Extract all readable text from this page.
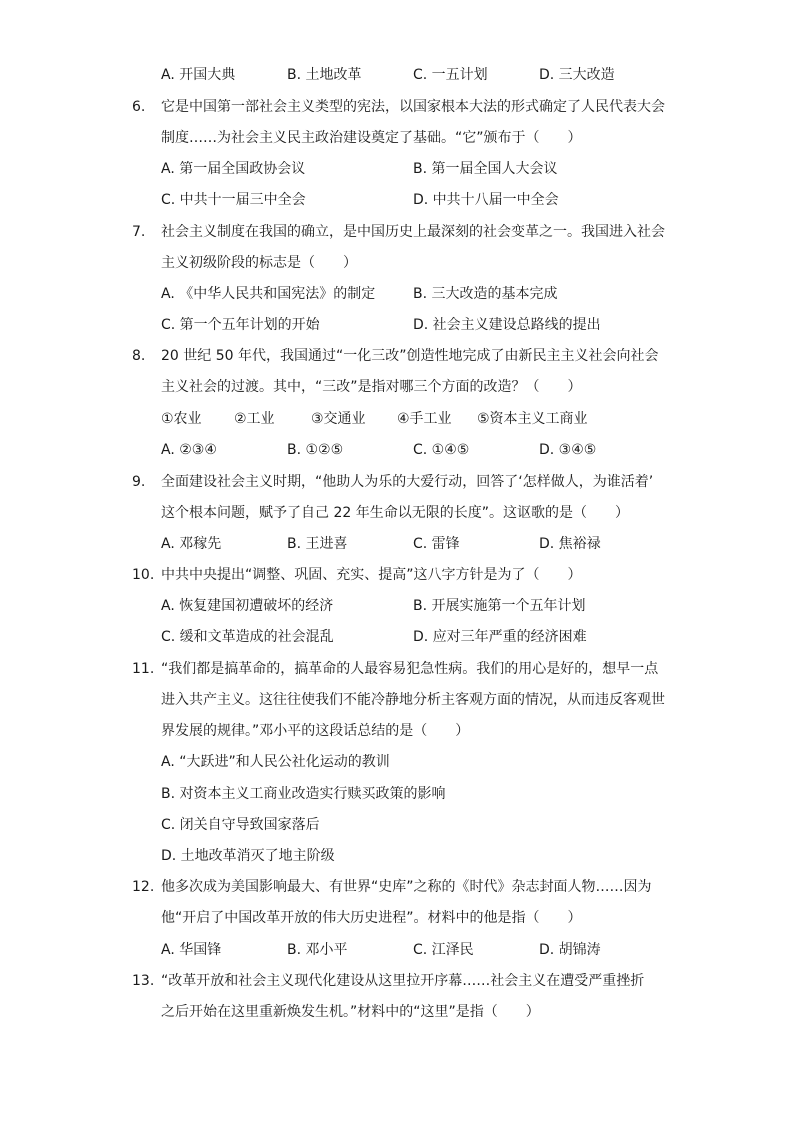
A. 开国大典	B. 土地改革	C. 一五计划	D. 三大改造
6. 它是中国第一部社会主义类型的宪法，以国家根本大法的形式确定了人民代表大会
制度……为社会主义民主政治建设奠定了基础。“它”颁布于（　　）
A. 第一届全国政协会议	B. 第一届全国人大会议
C. 中共十一届三中全会	D. 中共十八届一中全会
7. 社会主义制度在我国的确立，是中国历史上最深刻的社会变革之一。我国进入社会
主义初级阶段的标志是（　　）
A. 《中华人民共和国宪法》的制定	B. 三大改造的基本完成
C. 第一个五年计划的开始	D. 社会主义建设总路线的提出
8. 20 世纪 50 年代，我国通过“一化三改”创造性地完成了由新民主主义社会向社会
主义社会的过渡。其中，“三改”是指对哪三个方面的改造？（　　）
①农业 ②工业	③交通业 ④手工业 ⑤资本主义工商业
A. ②③④	B. ①②⑤	C. ①④⑤	D. ③④⑤
9. 全面建设社会主义时期，“他助人为乐的大爱行动，回答了‘怎样做人，为谁活着’
这个根本问题，赋予了自己 22 年生命以无限的长度”。这讴歌的是（　　）
A. 邓稼先	B. 王进喜	C. 雷锋	D. 焦裕禄
10. 中共中央提出“调整、巩固、充实、提高”这八字方针是为了（　　）
A. 恢复建国初遭破坏的经济	B. 开展实施第一个五年计划
C. 缓和文革造成的社会混乱	D. 应对三年严重的经济困难
11. “我们都是搞革命的，搞革命的人最容易犯急性病。我们的用心是好的，想早一点
进入共产主义。这往往使我们不能冷静地分析主客观方面的情况，从而违反客观世
界发展的规律。”邓小平的这段话总结的是（　　）
A. “大跃进”和人民公社化运动的教训
B. 对资本主义工商业改造实行赎买政策的影响
C. 闭关自守导致国家落后
D. 土地改革消灭了地主阶级
12. 他多次成为美国影响最大、有世界“史库”之称的《时代》杂志封面人物……因为
他“开启了中国改革开放的伟大历史进程”。材料中的他是指（　　）
A. 华国锋	B. 邓小平	C. 江泽民	D. 胡锦涛
13. “改革开放和社会主义现代化建设从这里拉开序幕……社会主义在遭受严重挫折
之后开始在这里重新焕发生机。”材料中的“这里”是指（　　）
